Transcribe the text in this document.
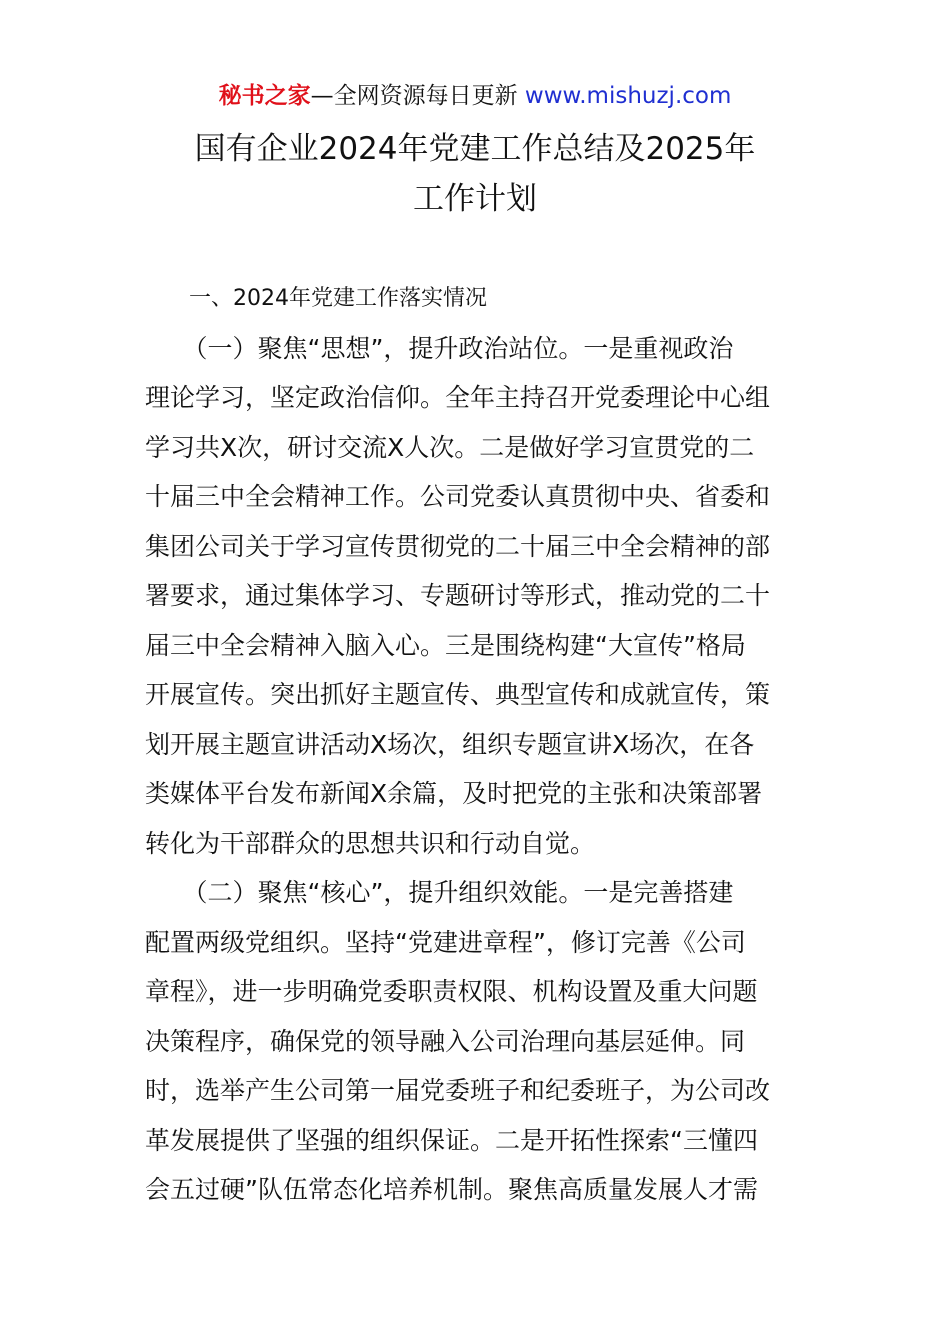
秘书之家—全网资源每日更新 www.mishuzj.com
国有企业2024年党建工作总结及2025年
工作计划
　　一、2024年党建工作落实情况
　　（一）聚焦“思想”，提升政治站位。一是重视政治
理论学习，坚定政治信仰。全年主持召开党委理论中心组
学习共X次，研讨交流X人次。二是做好学习宣贯党的二
十届三中全会精神工作。公司党委认真贯彻中央、省委和
集团公司关于学习宣传贯彻党的二十届三中全会精神的部
署要求，通过集体学习、专题研讨等形式，推动党的二十
届三中全会精神入脑入心。三是围绕构建“大宣传”格局
开展宣传。突出抓好主题宣传、典型宣传和成就宣传，策
划开展主题宣讲活动X场次，组织专题宣讲X场次，在各
类媒体平台发布新闻X余篇，及时把党的主张和决策部署
转化为干部群众的思想共识和行动自觉。
　　（二）聚焦“核心”，提升组织效能。一是完善搭建
配置两级党组织。坚持“党建进章程”，修订完善《公司
章程》，进一步明确党委职责权限、机构设置及重大问题
决策程序，确保党的领导融入公司治理向基层延伸。同
时，选举产生公司第一届党委班子和纪委班子，为公司改
革发展提供了坚强的组织保证。二是开拓性探索“三懂四
会五过硬”队伍常态化培养机制。聚焦高质量发展人才需
